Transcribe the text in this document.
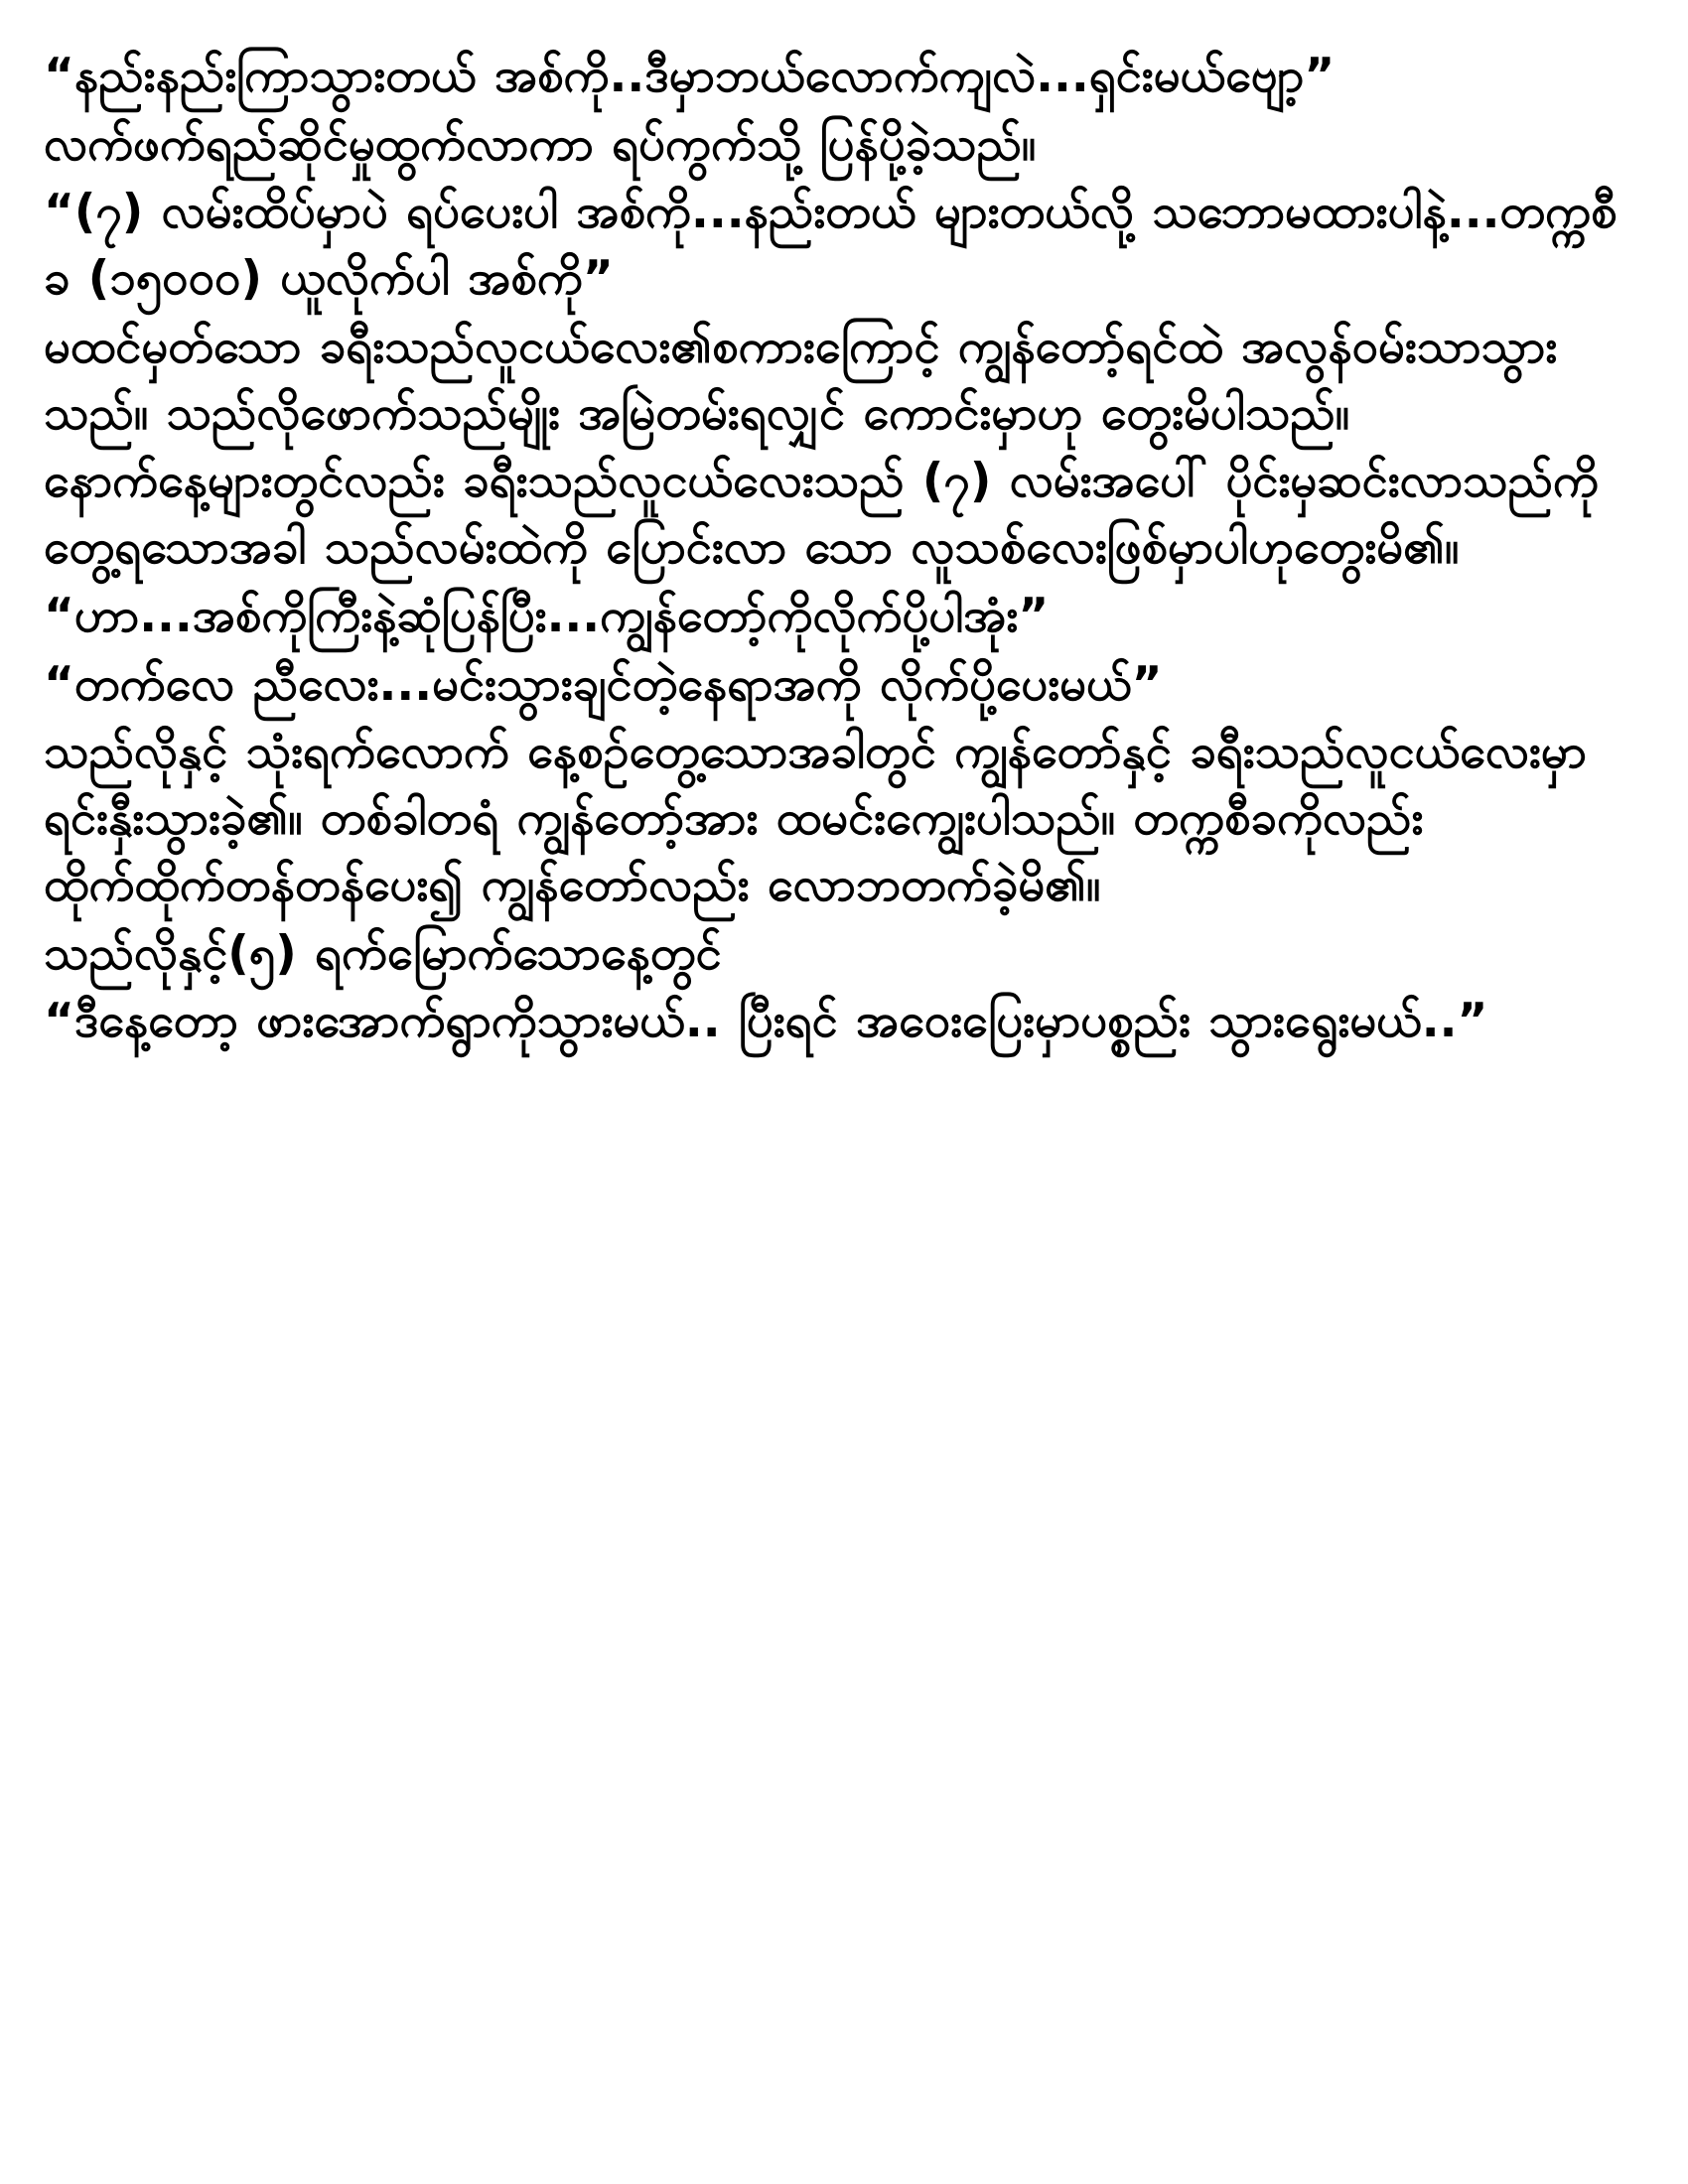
“နည်းနည်းကြာသွားတယ် အစ်ကို..ဒီမှာဘယ်လောက်ကျလဲ...ရှင်းမယ်ဗျော့”

လက်ဖက်ရည်ဆိုင်မှုထွက်လာကာ ရပ်ကွက်သို့ ပြန်ပို့ခဲ့သည်။

“(၇) လမ်းထိပ်မှာပဲ ရပ်ပေးပါ အစ်ကို...နည်းတယ် များတယ်လို့ သဘောမထားပါနဲ့...တက္ကစီခ (၁၅၀၀၀) ယူလိုက်ပါ အစ်ကို”

မထင်မှတ်သော ခရီးသည်လူငယ်လေး၏စကားကြောင့် ကျွန်တော့်ရင်ထဲ အလွန်ဝမ်းသာသွားသည်။ သည်လိုဖောက်သည်မျိုး အမြဲတမ်းရလျှင် ကောင်းမှာဟု တွေးမိပါသည်။

နောက်နေ့များတွင်လည်း ခရီးသည်လူငယ်လေးသည် (၇) လမ်းအပေါ် ပိုင်းမှဆင်းလာသည်ကိုတွေ့ရသောအခါ သည်လမ်းထဲကို ပြောင်းလာ သော လူသစ်လေးဖြစ်မှာပါဟုတွေးမိ၏။

“ဟာ...အစ်ကိုကြီးနဲ့ဆုံပြန်ပြီး...ကျွန်တော့်ကိုလိုက်ပို့ပါအုံး”

“တက်လေ ညီလေး...မင်းသွားချင်တဲ့နေရာအကို လိုက်ပို့ပေးမယ်”

သည်လိုနှင့် သုံးရက်လောက် နေ့စဉ်တွေ့သောအခါတွင် ကျွန်တော်နှင့် ခရီးသည်လူငယ်လေးမှာရင်းနှီးသွားခဲ့၏။ တစ်ခါတရံ ကျွန်တော့်အား ထမင်းကျွေးပါသည်။ တက္ကစီခကိုလည်း ထိုက်ထိုက်တန်တန်ပေး၍ ကျွန်တော်လည်း လောဘတက်ခဲ့မိ၏။

သည်လိုနှင့်(၅) ရက်မြောက်သောနေ့တွင်

“ဒီနေ့တော့ ဖားအောက်ရွာကိုသွားမယ်.. ပြီးရင် အဝေးပြေးမှာပစ္စည်း သွားရွေးမယ်..”
